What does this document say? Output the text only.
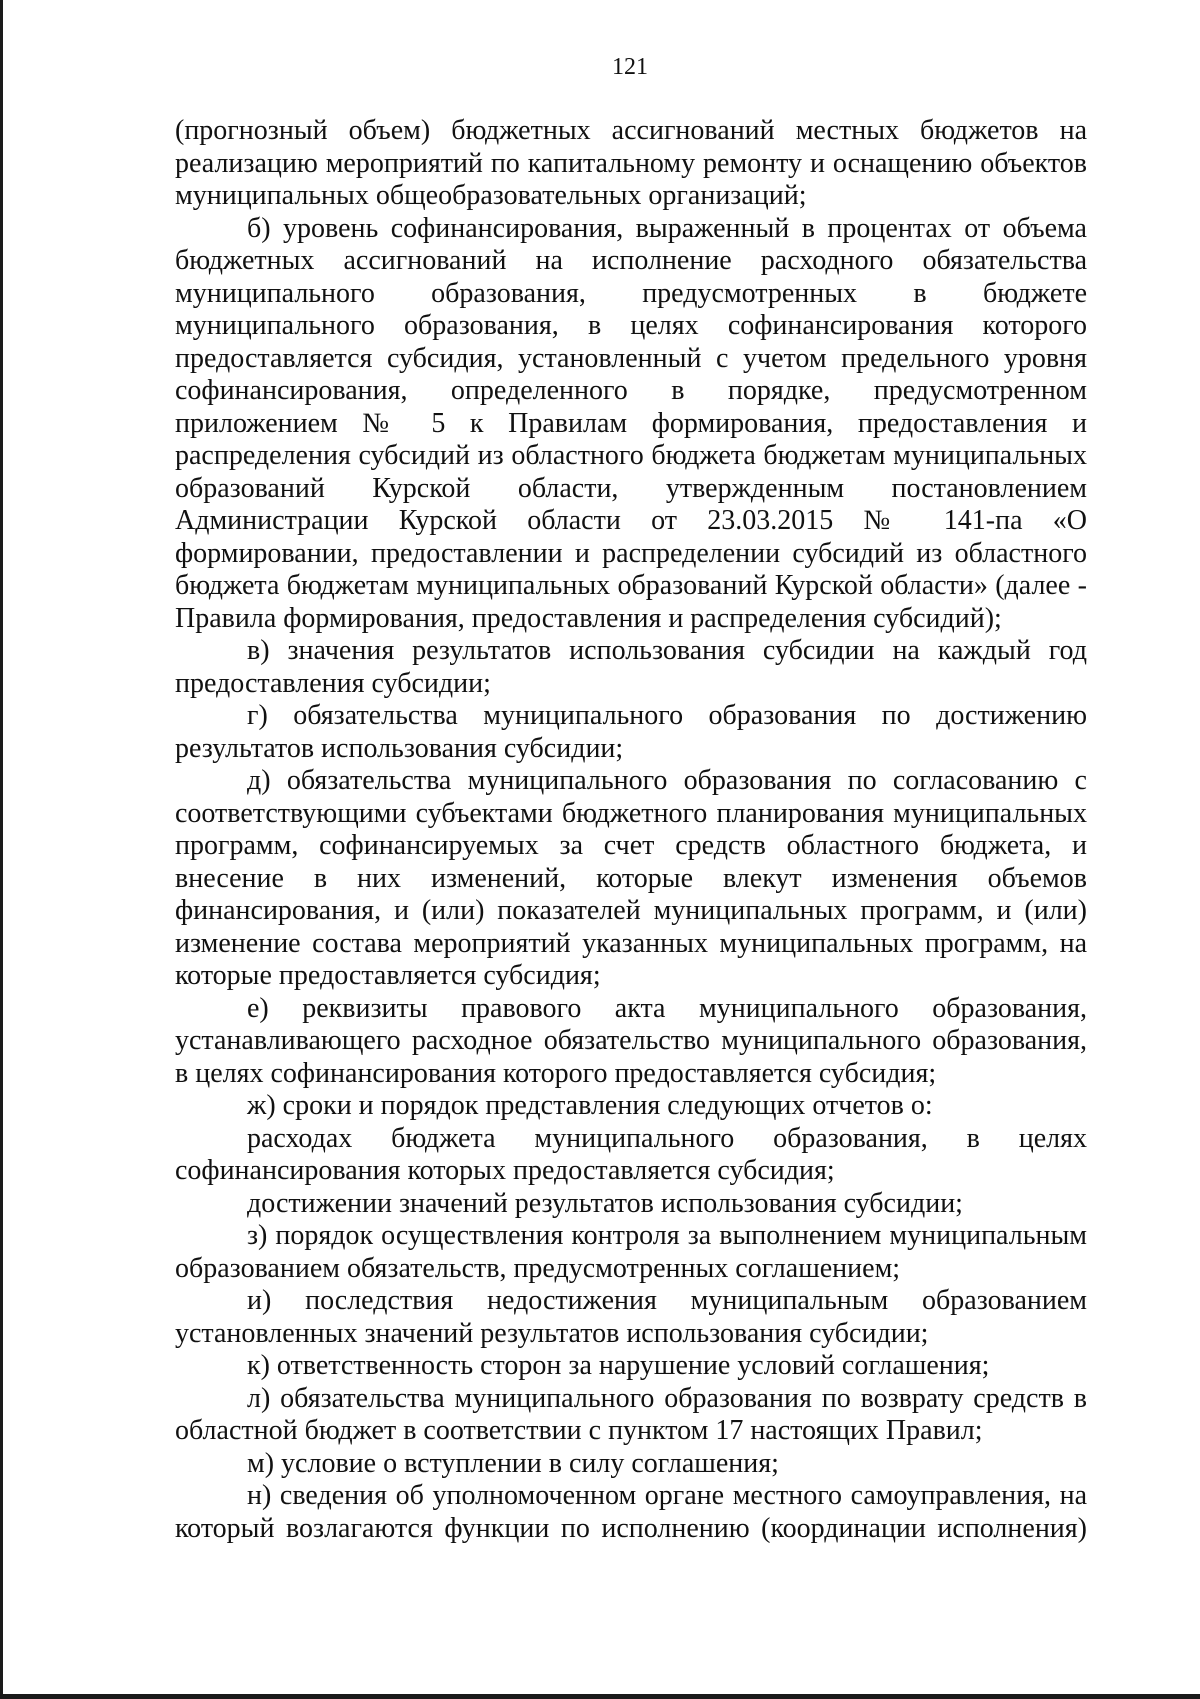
121

(прогнозный объем) бюджетных ассигнований местных бюджетов на реализацию мероприятий по капитальному ремонту и оснащению объектов муниципальных общеобразовательных организаций;

б) уровень софинансирования, выраженный в процентах от объема бюджетных ассигнований на исполнение расходного обязательства муниципального образования, предусмотренных в бюджете муниципального образования, в целях софинансирования которого предоставляется субсидия, установленный с учетом предельного уровня софинансирования, определенного в порядке, предусмотренном приложением № 5 к Правилам формирования, предоставления и распределения субсидий из областного бюджета бюджетам муниципальных образований Курской области, утвержденным постановлением Администрации Курской области от 23.03.2015 № 141-па «О формировании, предоставлении и распределении субсидий из областного бюджета бюджетам муниципальных образований Курской области» (далее - Правила формирования, предоставления и распределения субсидий);

в) значения результатов использования субсидии на каждый год предоставления субсидии;

г) обязательства муниципального образования по достижению результатов использования субсидии;

д) обязательства муниципального образования по согласованию с соответствующими субъектами бюджетного планирования муниципальных программ, софинансируемых за счет средств областного бюджета, и внесение в них изменений, которые влекут изменения объемов финансирования, и (или) показателей муниципальных программ, и (или) изменение состава мероприятий указанных муниципальных программ, на которые предоставляется субсидия;

е) реквизиты правового акта муниципального образования, устанавливающего расходное обязательство муниципального образования, в целях софинансирования которого предоставляется субсидия;

ж) сроки и порядок представления следующих отчетов о:

расходах бюджета муниципального образования, в целях софинансирования которых предоставляется субсидия;

достижении значений результатов использования субсидии;

з) порядок осуществления контроля за выполнением муниципальным образованием обязательств, предусмотренных соглашением;

и) последствия недостижения муниципальным образованием установленных значений результатов использования субсидии;

к) ответственность сторон за нарушение условий соглашения;

л) обязательства муниципального образования по возврату средств в областной бюджет в соответствии с пунктом 17 настоящих Правил;

м) условие о вступлении в силу соглашения;

н) сведения об уполномоченном органе местного самоуправления, на который возлагаются функции по исполнению (координации исполнения)
